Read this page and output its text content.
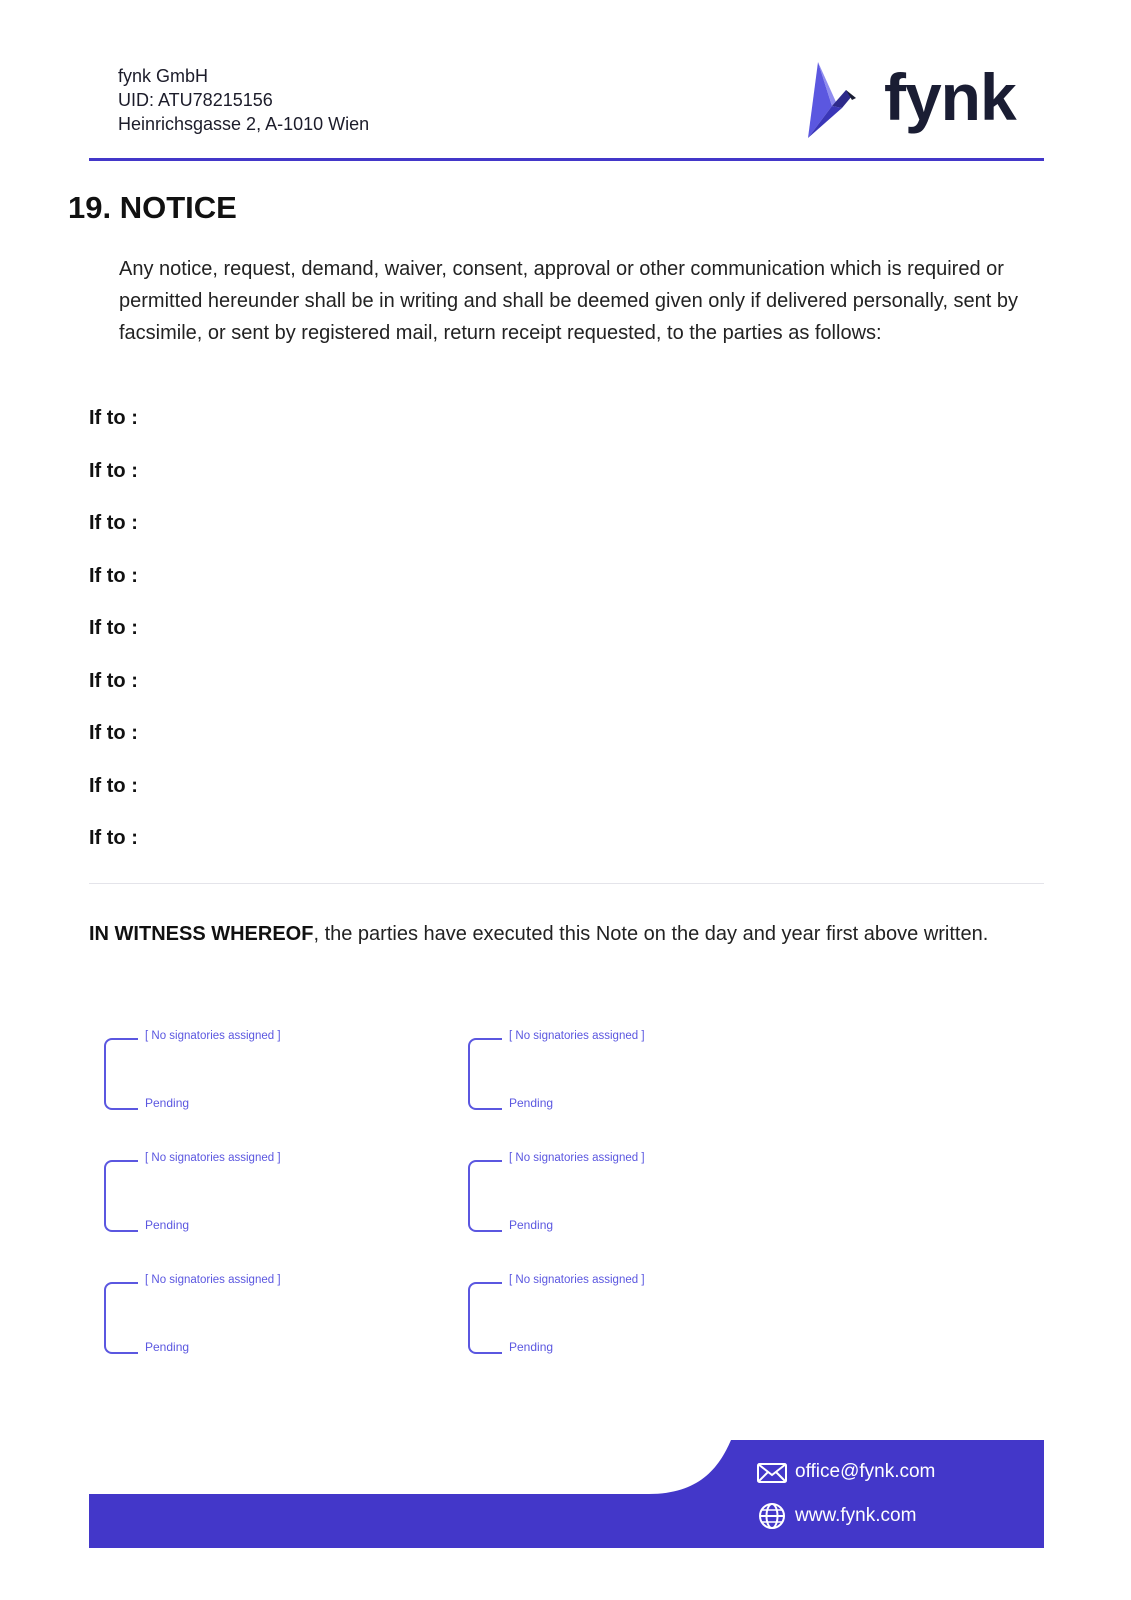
fynk GmbH
UID: ATU78215156
Heinrichsgasse 2, A-1010 Wien	fynk
19. NOTICE

Any notice, request, demand, waiver, consent, approval or other communication which is required or permitted hereunder shall be in writing and shall be deemed given only if delivered personally, sent by facsimile, or sent by registered mail, return receipt requested, to the parties as follows:

If to :
If to :
If to :
If to :
If to :
If to :
If to :
If to :
If to :

IN WITNESS WHEREOF, the parties have executed this Note on the day and year first above written.

[ No signatories assigned ]
Pending
[ No signatories assigned ]
Pending
[ No signatories assigned ]
Pending
[ No signatories assigned ]
Pending
[ No signatories assigned ]
Pending
[ No signatories assigned ]
Pending
office@fynk.com
www.fynk.com
